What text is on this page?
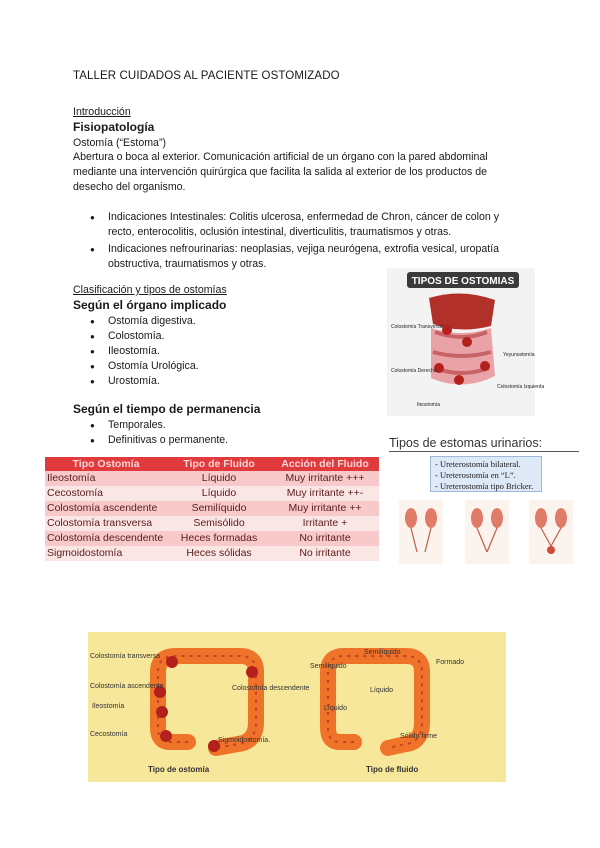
TALLER CUIDADOS AL PACIENTE OSTOMIZADO
Introducción
Fisiopatología
Ostomía (“Estoma”)
Abertura o boca al exterior. Comunicación artificial de un órgano con la pared abdominal mediante una intervención quirúrgica que facilita la salida al exterior de los productos de desecho del organismo.
● Indicaciones Intestinales: Colitis ulcerosa, enfermedad de Chron, cáncer de colon y recto, enterocolitis, oclusión intestinal, diverticulitis, traumatismos y otras.
● Indicaciones nefrourinarias: neoplasias, vejiga neurógena, extrofia vesical, uropatía obstructiva, traumatismos y otras.
Clasificación y tipos de ostomías
Según el órgano implicado
● Ostomía digestiva.
● Colostomía.
● Ileostomía.
● Ostomía Urológica.
● Urostomía.
Según el tiempo de permanencia
● Temporales.
● Definitivas o permanente.
Tipo Ostomía	Tipo de Fluido	Acción del Fluido
Ileostomía	Líquido	Muy irritante +++
Cecostomía	Líquido	Muy irritante ++-
Colostomía ascendente	Semilíquido	Muy irritante ++
Colostomía transversa	Semisólido	Irritante +
Colostomía descendente	Heces formadas	No irritante
Sigmoidostomía	Heces sólidas	No irritante
TIPOS DE OSTOMIAS
Colostomía Transversal
Yeyunostomía
Colostomía Derecha
Colostomía Izquierda
Ileostomía
Tipos de estomas urinarios:
- Ureterostomía bilateral.
- Ureterostomía en “L”.
- Ureterostomía tipo Bricker.
Colostomía transversa
Colostomía ascendente
Ileostomía
Cecostomía
Colostomía descendente
Sigmoidostomía.
Tipo de ostomía
Semilíquido
Semilíquido
Formado
Líquido
Líquido
Sólido firme
Tipo de fluido
